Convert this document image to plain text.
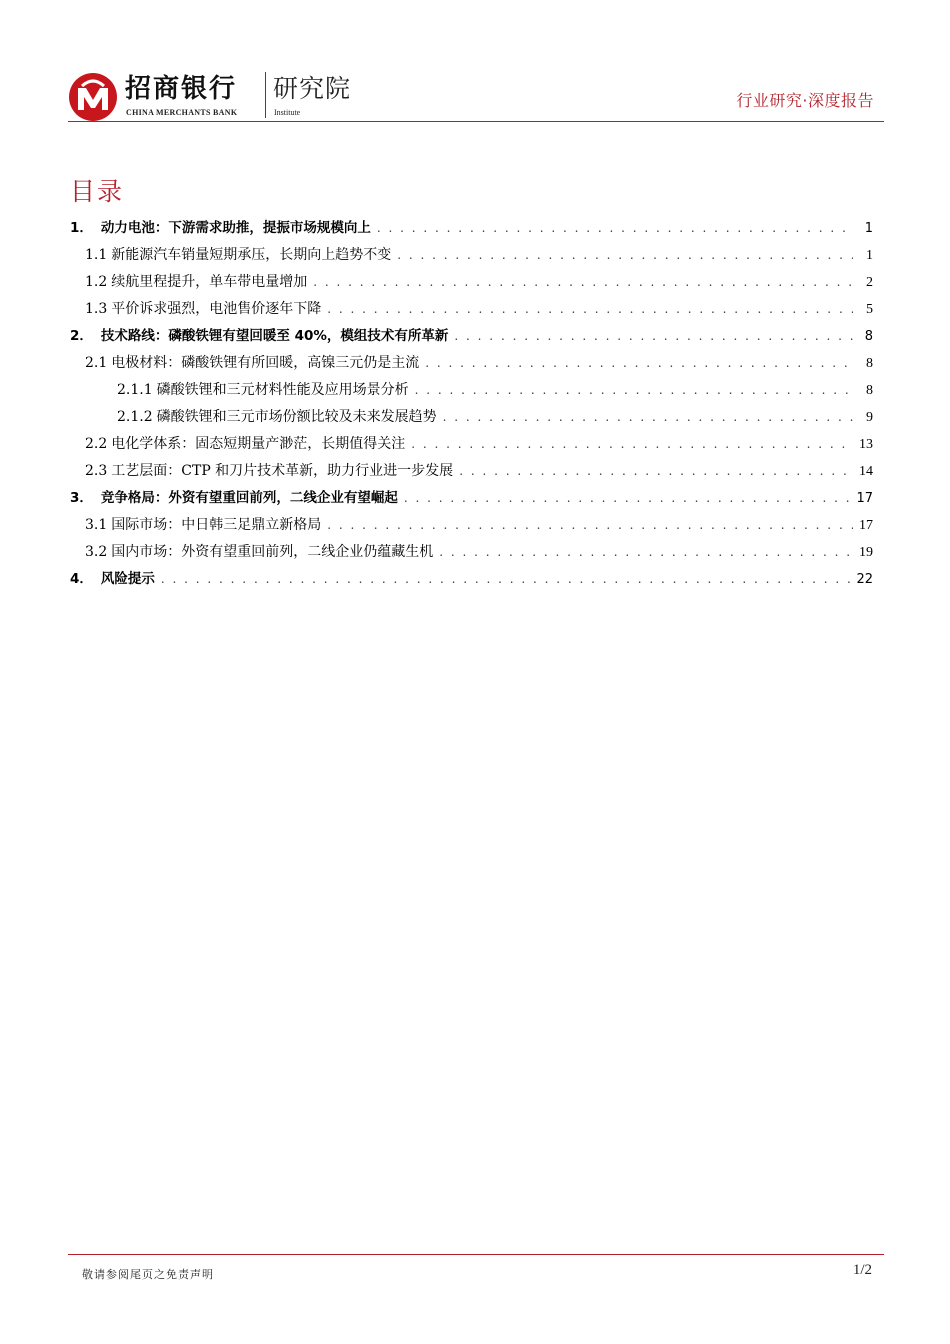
招商银行
CHINA MERCHANTS BANK
研究院
Institute
行业研究·深度报告
目录
1． 动力电池：下游需求助推，提振市场规模向上 . . .	1
1.1 新能源汽车销量短期承压，长期向上趋势不变 . . .	1
1.2 续航里程提升，单车带电量增加 . . .	2
1.3 平价诉求强烈，电池售价逐年下降 . . .	5
2． 技术路线：磷酸铁锂有望回暖至 40%，模组技术有所革新 . . .	8
2.1 电极材料：磷酸铁锂有所回暖，高镍三元仍是主流 . . .	8
2.1.1 磷酸铁锂和三元材料性能及应用场景分析 . . .	8
2.1.2 磷酸铁锂和三元市场份额比较及未来发展趋势 . . .	9
2.2 电化学体系：固态短期量产渺茫，长期值得关注 . . .	13
2.3 工艺层面：CTP 和刀片技术革新，助力行业进一步发展 . . .	14
3． 竞争格局：外资有望重回前列，二线企业有望崛起 . . .	17
3.1 国际市场：中日韩三足鼎立新格局 . . .	17
3.2 国内市场：外资有望重回前列，二线企业仍蕴藏生机 . . .	19
4． 风险提示 . . .	22
敬请参阅尾页之免责声明	1/2
